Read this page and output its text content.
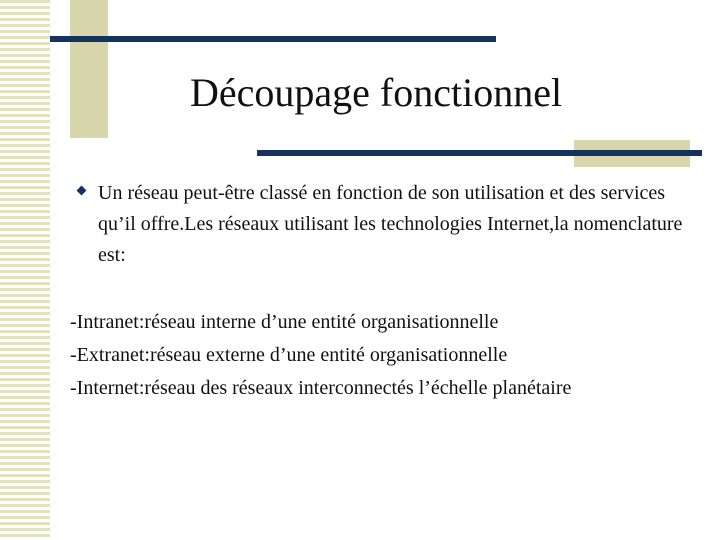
Découpage fonctionnel

Un réseau peut-être classé en fonction de son utilisation et des services qu’il offre.Les réseaux utilisant les technologies Internet,la nomenclature est:

-Intranet:réseau interne d’une entité organisationnelle
-Extranet:réseau externe d’une entité organisationnelle
-Internet:réseau des réseaux interconnectés l’échelle planétaire
